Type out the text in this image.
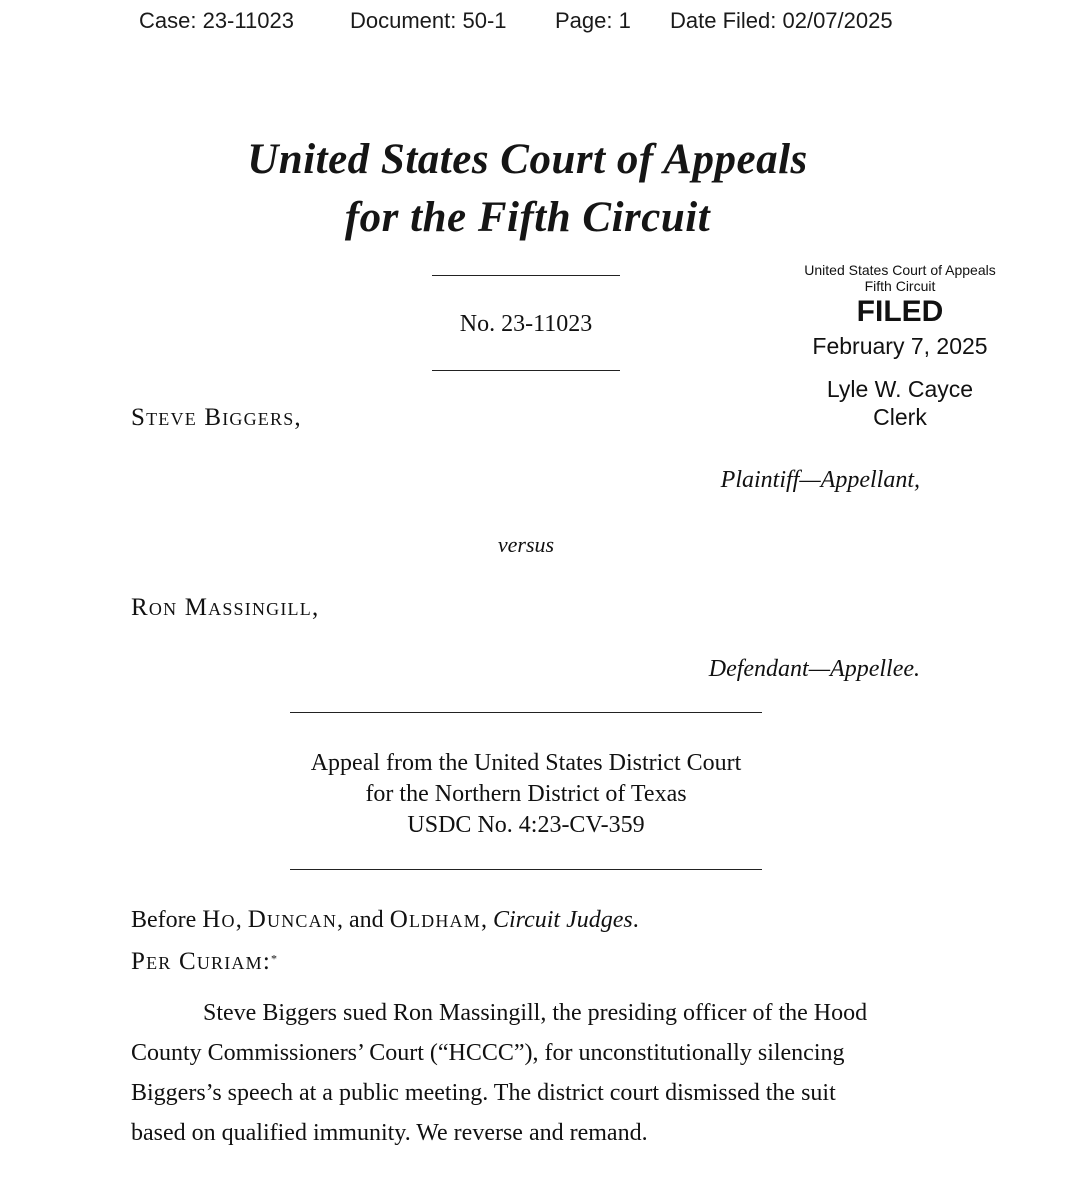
Case: 23-11023	Document: 50-1 Page: 1 Date Filed: 02/07/2025
United States Court of Appeals
for the Fifth Circuit
No. 23-11023
United States Court of Appeals
Fifth Circuit
FILED
February 7, 2025
Lyle W. Cayce
Clerk
Steve Biggers,
Plaintiff—Appellant,
versus
Ron Massingill,
Defendant—Appellee.
Appeal from the United States District Court
for the Northern District of Texas
USDC No. 4:23-CV-359
Before Ho, Duncan, and Oldham, Circuit Judges.
Per Curiam:*
Steve Biggers sued Ron Massingill, the presiding officer of the Hood
County Commissioners’ Court (“HCCC”), for unconstitutionally silencing
Biggers’s speech at a public meeting. The district court dismissed the suit
based on qualified immunity. We reverse and remand.
